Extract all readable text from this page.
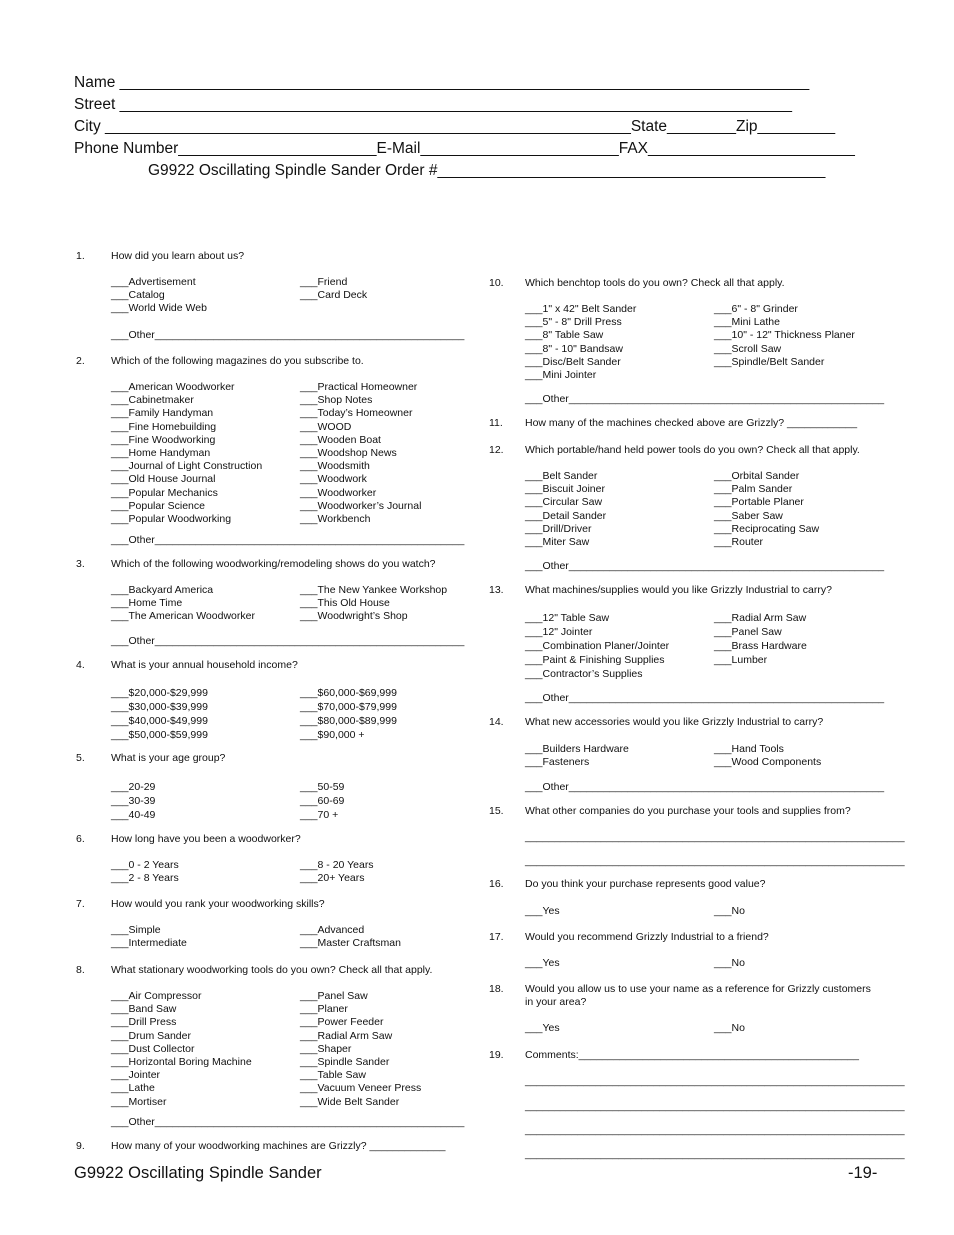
Name ________________________________________________________________________________
Street ______________________________________________________________________________
City _____________________________________________________________State________Zip_________
Phone Number_______________________E-Mail_______________________FAX________________________
G9922 Oscillating Spindle Sander Order #_____________________________________________
1. How did you learn about us?
___Advertisement
___Catalog
___World Wide Web
___Friend
___Card Deck
___Other_____________________________________________________
2. Which of the following magazines do you subscribe to.
___American Woodworker
___Cabinetmaker
___Family Handyman
___Fine Homebuilding
___Fine Woodworking
___Home Handyman
___Journal of Light Construction
___Old House Journal
___Popular Mechanics
___Popular Science
___Popular Woodworking
___Practical Homeowner
___Shop Notes
___Today’s Homeowner
___WOOD
___Wooden Boat
___Woodshop News
___Woodsmith
___Woodwork
___Woodworker
___Woodworker’s Journal
___Workbench
___Other_____________________________________________________
3. Which of the following woodworking/remodeling shows do you watch?
___Backyard America
___Home Time
___The American Woodworker
___The New Yankee Workshop
___This Old House
___Woodwright’s Shop
___Other_____________________________________________________
4. What is your annual household income?
___$20,000-$29,999
___$30,000-$39,999
___$40,000-$49,999
___$50,000-$59,999
___$60,000-$69,999
___$70,000-$79,999
___$80,000-$89,999
___$90,000 +
5. What is your age group?
___20-29
___30-39
___40-49
___50-59
___60-69
___70 +
6. How long have you been a woodworker?
___0 - 2 Years
___2 - 8 Years
___8 - 20 Years
___20+ Years
7. How would you rank your woodworking skills?
___Simple
___Intermediate
___Advanced
___Master Craftsman
8. What stationary woodworking tools do you own? Check all that apply.
___Air Compressor
___Band Saw
___Drill Press
___Drum Sander
___Dust Collector
___Horizontal Boring Machine
___Jointer
___Lathe
___Mortiser
___Panel Saw
___Planer
___Power Feeder
___Radial Arm Saw
___Shaper
___Spindle Sander
___Table Saw
___Vacuum Veneer Press
___Wide Belt Sander
___Other_____________________________________________________
9. How many of your woodworking machines are Grizzly? _____________
10. Which benchtop tools do you own? Check all that apply.
___1" x 42" Belt Sander
___5" - 8" Drill Press
___8" Table Saw
___8" - 10" Bandsaw
___Disc/Belt Sander
___Mini Jointer
___6" - 8" Grinder
___Mini Lathe
___10" - 12" Thickness Planer
___Scroll Saw
___Spindle/Belt Sander
___Other______________________________________________________
11. How many of the machines checked above are Grizzly? ____________
12. Which portable/hand held power tools do you own? Check all that apply.
___Belt Sander
___Biscuit Joiner
___Circular Saw
___Detail Sander
___Drill/Driver
___Miter Saw
___Orbital Sander
___Palm Sander
___Portable Planer
___Saber Saw
___Reciprocating Saw
___Router
___Other______________________________________________________
13. What machines/supplies would you like Grizzly Industrial to carry?
___12" Table Saw
___12" Jointer
___Combination Planer/Jointer
___Paint & Finishing Supplies
___Contractor’s Supplies
___Radial Arm Saw
___Panel Saw
___Brass Hardware
___Lumber
___Other______________________________________________________
14. What new accessories would you like Grizzly Industrial to carry?
___Builders Hardware
___Fasteners
___Hand Tools
___Wood Components
___Other______________________________________________________
15. What other companies do you purchase your tools and supplies from?
_________________________________________________________________
_________________________________________________________________
16. Do you think your purchase represents good value?
___Yes	___No
17. Would you recommend Grizzly Industrial to a friend?
___Yes	___No
18. Would you allow us to use your name as a reference for Grizzly customers
in your area?
___Yes	___No
19. Comments:________________________________________________
_________________________________________________________________
_________________________________________________________________
_________________________________________________________________
_________________________________________________________________
G9922 Oscillating Spindle Sander	-19-
